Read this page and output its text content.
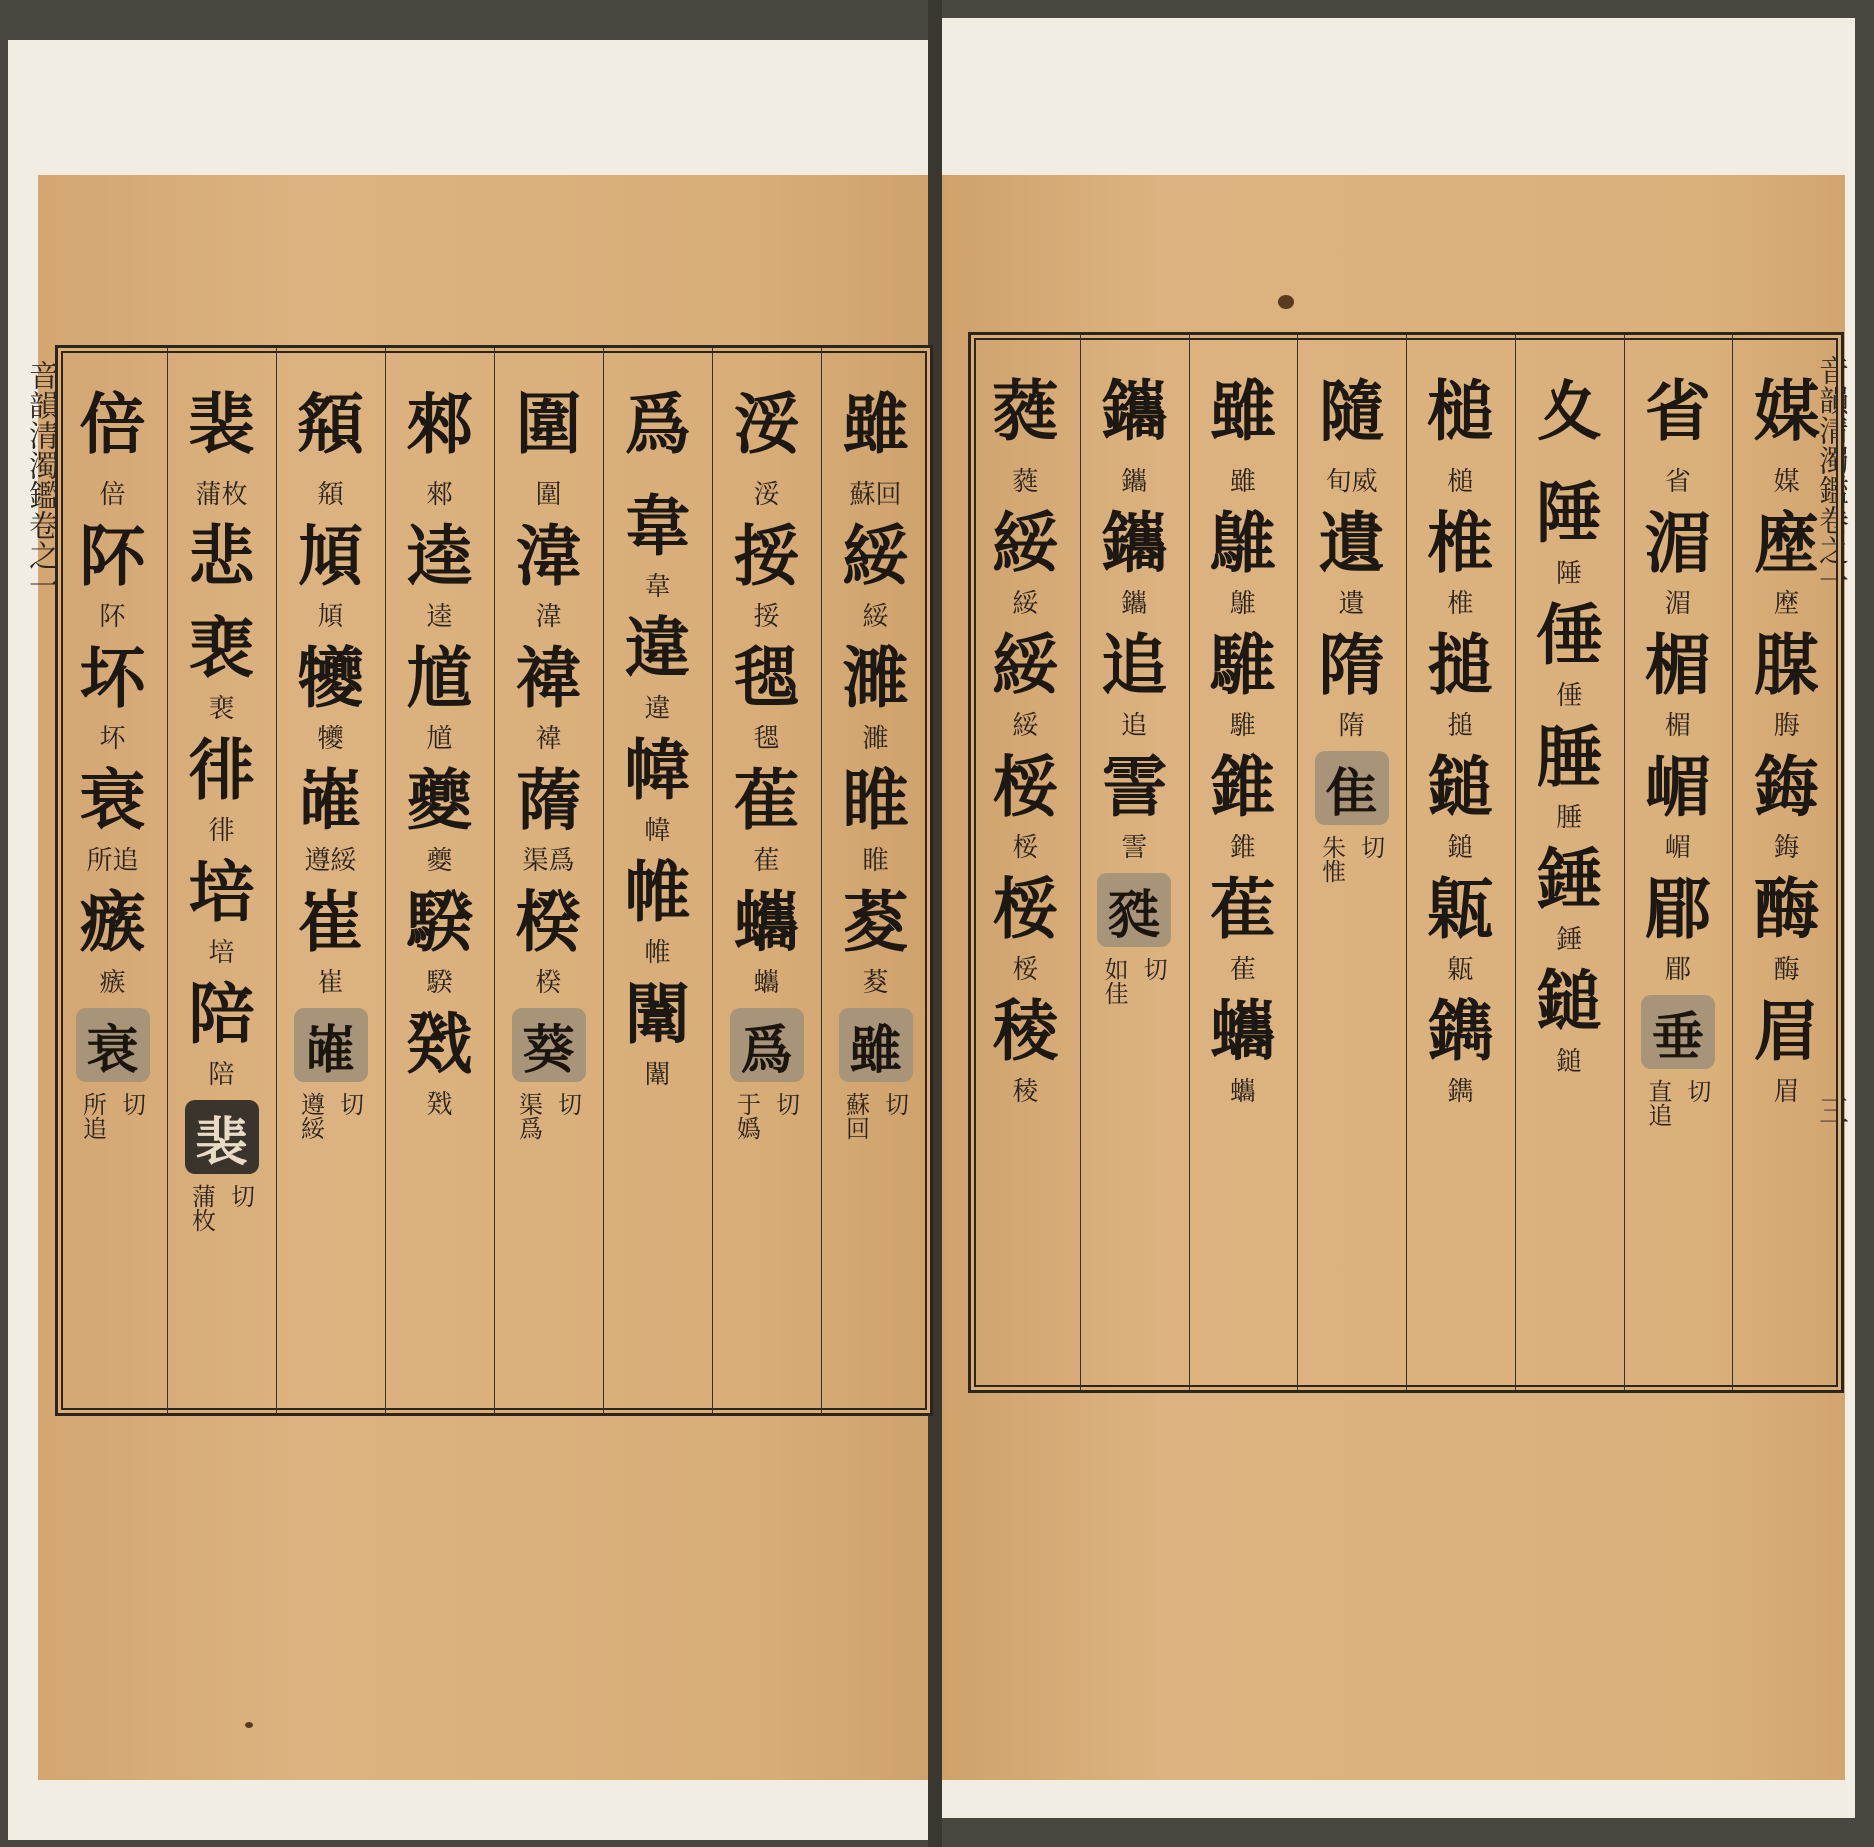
音韻清濁鑑卷之一
三
音韻清濁鑑卷之一	媒
媒
塺
塺
腜
脢
鋂
鋂
酶
酶
眉
眉
省
省
湄
湄
楣
楣
嵋
嵋
郿
郿
垂
直追 切
夊
陲
陲
倕
倕
腄
腄
錘
錘
鎚
鎚
槌
槌
椎
椎
搥
搥
鎚
鎚
甈
甈
鐫
鐫
隨
旬威
遺
遺
隋
隋
隹
朱惟 切
雖
雖
鵻
鵻
騅
騅
錐
錐
萑
萑
蠵
蠵
鑴
鑴
鑴
鑴
追
追
霅
霅
甤
如佳 切
蕤
蕤
綏
綏
綏
綏
桵
桵
桵
桵
稜
稜
雖
蘇回
綏
綏
濉
濉
睢
睢
荾
荾
雖
蘇回 切
浽
浽
挼
挼
毸
毸
萑
萑
蠵
蠵
爲
于嬀 切
爲
韋
韋
違
違
幃
幃
帷
帷
闈
闈
圍
圍
湋
湋
褘
褘
䔺
渠爲
楑
楑
葵
渠爲 切
郲
郲
逵
逵
馗
馗
夔
夔
騤
騤
戣
戣
頯
頯
頄
頄
犪
犪
嶉
遵綏
崔
崔
嶉
遵綏 切
裴
蒲枚
悲
裵
裵
徘
徘
培
培
陪
陪
裴
蒲枚 切
倍
倍
阫
阫
坏
坏
衰
所追
瘯
瘯
衰
所追 切
